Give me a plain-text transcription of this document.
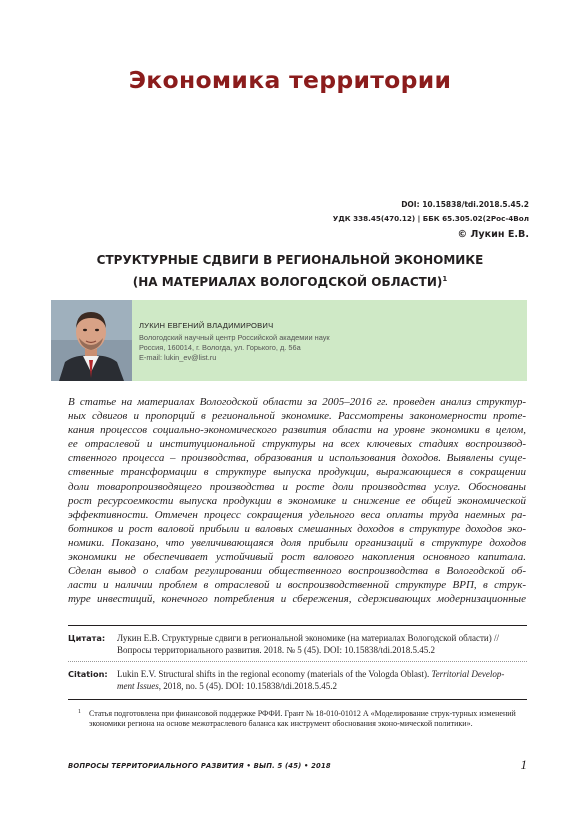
Экономика территории
DOI: 10.15838/tdi.2018.5.45.2
УДК 338.45(470.12) | ББК 65.305.02(2Рос-4Вол
© Лукин Е.В.
СТРУКТУРНЫЕ СДВИГИ В РЕГИОНАЛЬНОЙ ЭКОНОМИКЕ
(НА МАТЕРИАЛАХ ВОЛОГОДСКОЙ ОБЛАСТИ)$^1$
ЛУКИН ЕВГЕНИЙ ВЛАДИМИРОВИЧ
Вологодский научный центр Российской академии наук
Россия, 160014, г. Вологда, ул. Горького, д. 56а
E-mail: lukin_ev@list.ru
В статье на материалах Вологодской области за 2005–2016 гг. проведен анализ структур-
ных сдвигов и пропорций в региональной экономике. Рассмотрены закономерности проте-
кания процессов социально-экономического развития области на уровне экономики в целом,
ее отраслевой и институциональной структуры на всех ключевых стадиях воспроизвод-
ственного процесса – производства, образования и использования доходов. Выявлены суще-
ственные трансформации в структуре выпуска продукции, выражающиеся в сокращении
доли товаропроизводящего производства и росте доли производства услуг. Обоснованы
рост ресурсоемкости выпуска продукции в экономике и снижение ее общей экономической
эффективности. Отмечен процесс сокращения удельного веса оплаты труда наемных ра-
ботников и рост валовой прибыли и валовых смешанных доходов в структуре доходов эко-
номики. Показано, что увеличивающаяся доля прибыли организаций в структуре доходов
экономики не обеспечивает устойчивый рост валового накопления основного капитала.
Сделан вывод о слабом регулировании общественного воспроизводства в Вологодской об-
ласти и наличии проблем в отраслевой и воспроизводственной структуре ВРП, в струк-
туре инвестиций, конечного потребления и сбережения, сдерживающих модернизационные
Цитата: Лукин Е.В. Структурные сдвиги в региональной экономике (на материалах Вологодской области) //
Вопросы территориального развития. 2018. № 5 (45). DOI: 10.15838/tdi.2018.5.45.2
Citation: Lukin E.V. Structural shifts in the regional economy (materials of the Vologda Oblast). Territorial Develop-
ment Issues, 2018, no. 5 (45). DOI: 10.15838/tdi.2018.5.45.2
1	Статья подготовлена при финансовой поддержке РФФИ. Грант № 18-010-01012 А «Моделирование струк-турных изменений экономики региона на основе межотраслевого баланса как инструмент обоснования эконо-мической политики».
ВОПРОСЫ ТЕРРИТОРИАЛЬНОГО РАЗВИТИЯ • ВЫП. 5 (45) • 2018	1
